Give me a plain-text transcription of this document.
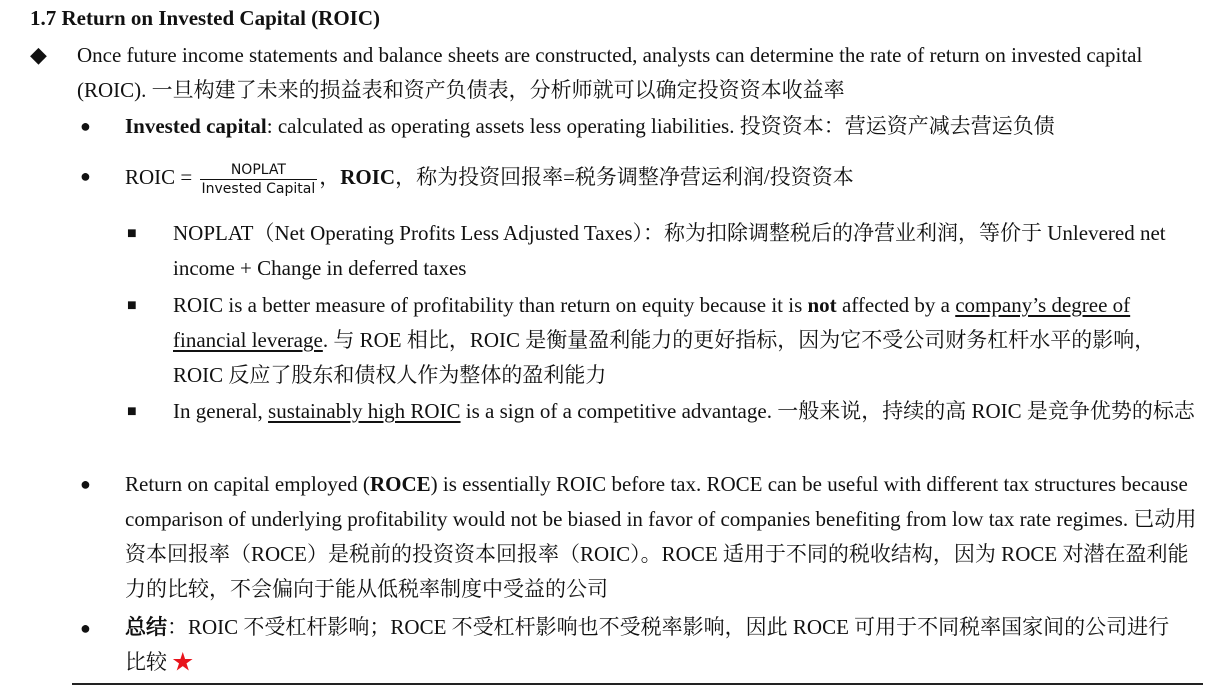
1.7 Return on Invested Capital (ROIC)
◆ Once future income statements and balance sheets are constructed, analysts can determine the rate of return on invested capital (ROIC). 一旦构建了未来的损益表和资产负债表，分析师就可以确定投资资本收益率
● Invested capital: calculated as operating assets less operating liabilities. 投资资本：营运资产减去营运负债
● ROIC = $\frac{\text{NOPLAT}}{\text{Invested Capital}}$ ，ROIC，称为投资回报率=税务调整净营运利润/投资资本
■ NOPLAT（Net Operating Profits Less Adjusted Taxes）：称为扣除调整税后的净营业利润，等价于 Unlevered net income + Change in deferred taxes
■ ROIC is a better measure of profitability than return on equity because it is not affected by a company’s degree of financial leverage. 与 ROE 相比，ROIC 是衡量盈利能力的更好指标，因为它不受公司财务杠杆水平的影响，ROIC 反应了股东和债权人作为整体的盈利能力
■ In general, sustainably high ROIC is a sign of a competitive advantage. 一般来说，持续的高 ROIC 是竞争优势的标志
● Return on capital employed (ROCE) is essentially ROIC before tax. ROCE can be useful with different tax structures because comparison of underlying profitability would not be biased in favor of companies benefiting from low tax rate regimes. 已动用资本回报率（ROCE）是税前的投资资本回报率（ROIC）。ROCE 适用于不同的税收结构，因为 ROCE 对潜在盈利能力的比较，不会偏向于能从低税率制度中受益的公司
● 总结：ROIC 不受杠杆影响；ROCE 不受杠杆影响也不受税率影响，因此 ROCE 可用于不同税率国家间的公司进行比较 ★
